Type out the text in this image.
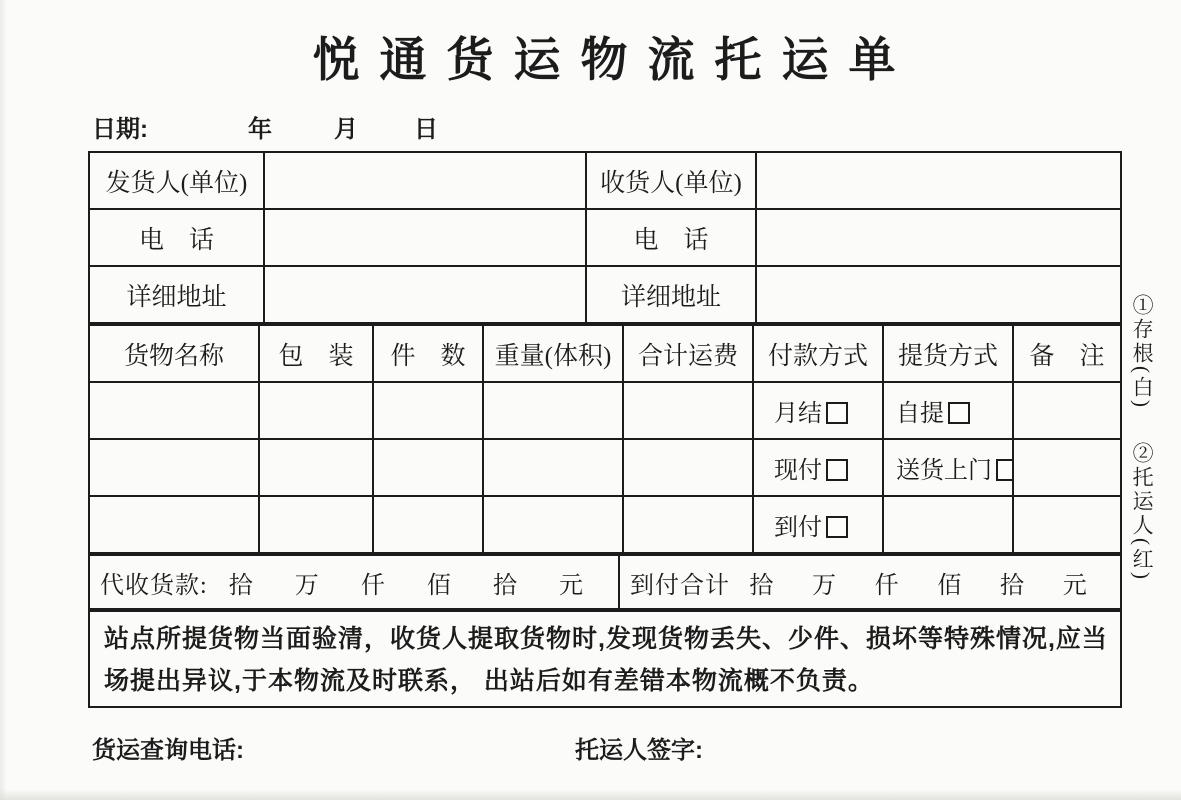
悦通货运物流托运单
日期:	年	月 日
发货人(单位)		收货人(单位)	
电　话		电　话	
详细地址		详细地址	
货物名称	包　装	件　数	重量(体积)	合计运费	付款方式	提货方式	备　注
					月结	自提	
					现付	送货上门	
					到付		
代收货款: 拾	万	仟	佰	拾	元	到付合计 拾	万	仟	佰	拾	元
站点所提货物当面验清，收货人提取货物时,发现货物丢失、少件、损坏等特殊情况,应当场提出异议,于本物流及时联系， 出站后如有差错本物流概不负责。
货运查询电话:	托运人签字:
①存根(白) ②托运人(红)
